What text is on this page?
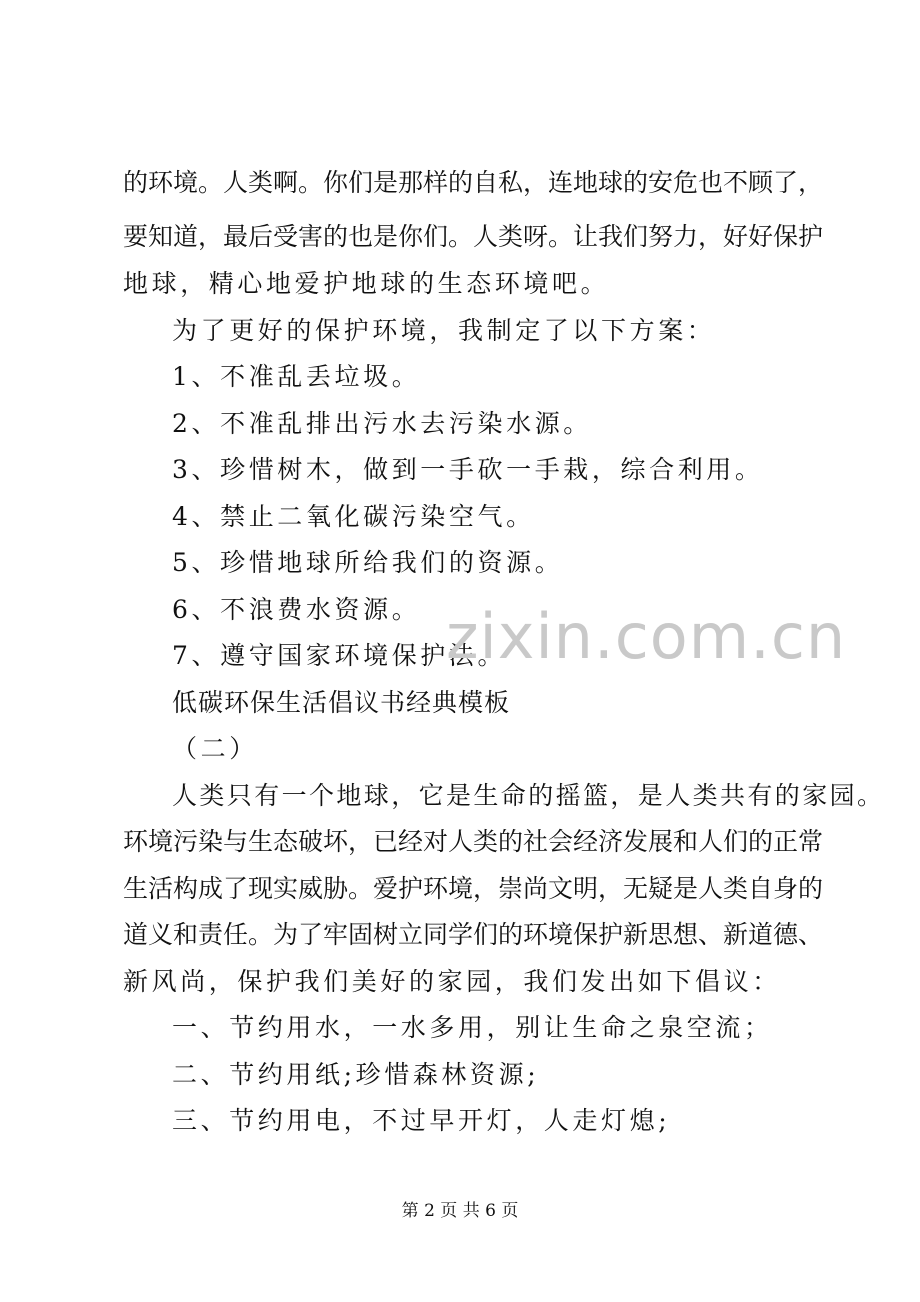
的环境。人类啊。你们是那样的自私，连地球的安危也不顾了，
要知道，最后受害的也是你们。人类呀。让我们努力，好好保护
地球，精心地爱护地球的生态环境吧。
为了更好的保护环境，我制定了以下方案：
1、不准乱丢垃圾。
2、不准乱排出污水去污染水源。
3、珍惜树木，做到一手砍一手栽，综合利用。
4、禁止二氧化碳污染空气。
5、珍惜地球所给我们的资源。
6、不浪费水资源。
7、遵守国家环境保护法。
低碳环保生活倡议书经典模板
（二）
人类只有一个地球，它是生命的摇篮，是人类共有的家园。
环境污染与生态破坏，已经对人类的社会经济发展和人们的正常
生活构成了现实威胁。爱护环境，崇尚文明，无疑是人类自身的
道义和责任。为了牢固树立同学们的环境保护新思想、新道德、
新风尚，保护我们美好的家园，我们发出如下倡议：
一、节约用水，一水多用，别让生命之泉空流；
二、节约用纸;珍惜森林资源;
三、节约用电，不过早开灯，人走灯熄;
zixin.com.cn
第 2 页 共 6 页
